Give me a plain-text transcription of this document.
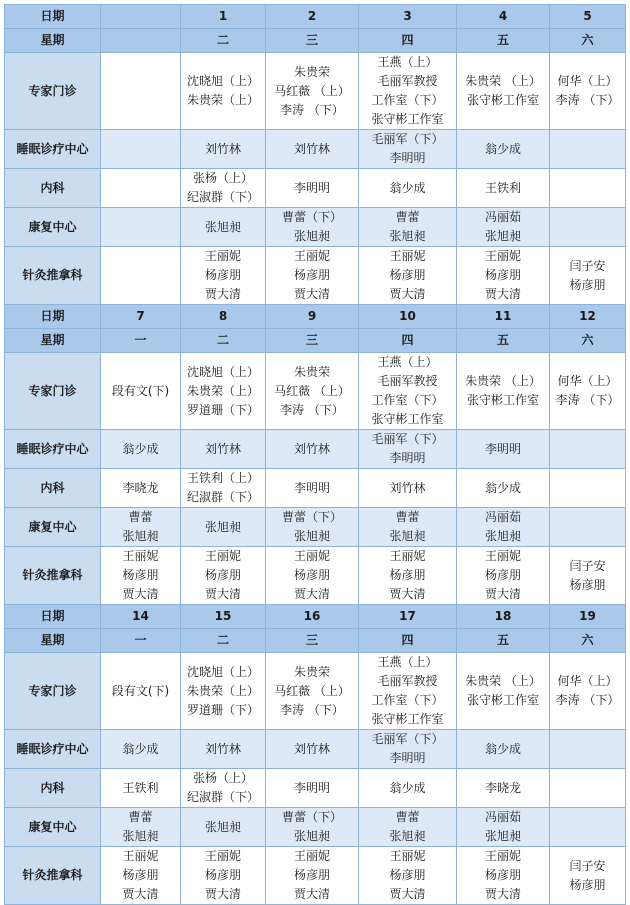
日期		1	2	3	4	5
星期		二	三	四	五	六
专家门诊		沈晓旭（上）
朱贵荣（上）	朱贵荣
马红薇 （上）
李涛 （下）	王燕（上）
毛丽军教授
工作室（下）
张守彬工作室	朱贵荣 （上）
张守彬工作室	何华（上）
李涛 （下）

睡眠诊疗中心		刘竹林	刘竹林	毛丽军（下）
李明明	翁少成	

内科		张杨（上）
纪淑群（下）	李明明	翁少成	王铁利	

康复中心		张旭昶	曹蕾（下）
张旭昶	曹蕾
张旭昶	冯丽茹
张旭昶	

针灸推拿科		王丽妮
杨彦朋
贾大清	王丽妮
杨彦朋
贾大清	王丽妮
杨彦朋
贾大清	王丽妮
杨彦朋
贾大清	闫子安
杨彦朋

日期	7	8	9	10	11	12
星期	一	二	三	四	五	六
专家门诊	段有文(下)	沈晓旭（上）
朱贵荣（上）
罗道珊（下）	朱贵荣
马红薇 （上）
李涛 （下）	王燕（上）
毛丽军教授
工作室（下）
张守彬工作室	朱贵荣 （上）
张守彬工作室	何华（上）
李涛 （下）

睡眠诊疗中心	翁少成	刘竹林	刘竹林	毛丽军（下）
李明明	李明明	

内科	李晓龙	王铁利（上）
纪淑群（下）	李明明	刘竹林	翁少成	

康复中心	曹蕾
张旭昶	张旭昶	曹蕾（下）
张旭昶	曹蕾
张旭昶	冯丽茹
张旭昶	

针灸推拿科	王丽妮
杨彦朋
贾大清	王丽妮
杨彦朋
贾大清	王丽妮
杨彦朋
贾大清	王丽妮
杨彦朋
贾大清	王丽妮
杨彦朋
贾大清	闫子安
杨彦朋

日期	14	15	16	17	18	19
星期	一	二	三	四	五	六
专家门诊	段有文(下)	沈晓旭（上）
朱贵荣（上）
罗道珊（下）	朱贵荣
马红薇 （上）
李涛 （下）	王燕（上）
毛丽军教授
工作室（下）
张守彬工作室	朱贵荣 （上）
张守彬工作室	何华（上）
李涛 （下）

睡眠诊疗中心	翁少成	刘竹林	刘竹林	毛丽军（下）
李明明	翁少成	

内科	王铁利	张杨（上）
纪淑群（下）	李明明	翁少成	李晓龙	

康复中心	曹蕾
张旭昶	张旭昶	曹蕾（下）
张旭昶	曹蕾
张旭昶	冯丽茹
张旭昶	

针灸推拿科	王丽妮
杨彦朋
贾大清	王丽妮
杨彦朋
贾大清	王丽妮
杨彦朋
贾大清	王丽妮
杨彦朋
贾大清	王丽妮
杨彦朋
贾大清	闫子安
杨彦朋
